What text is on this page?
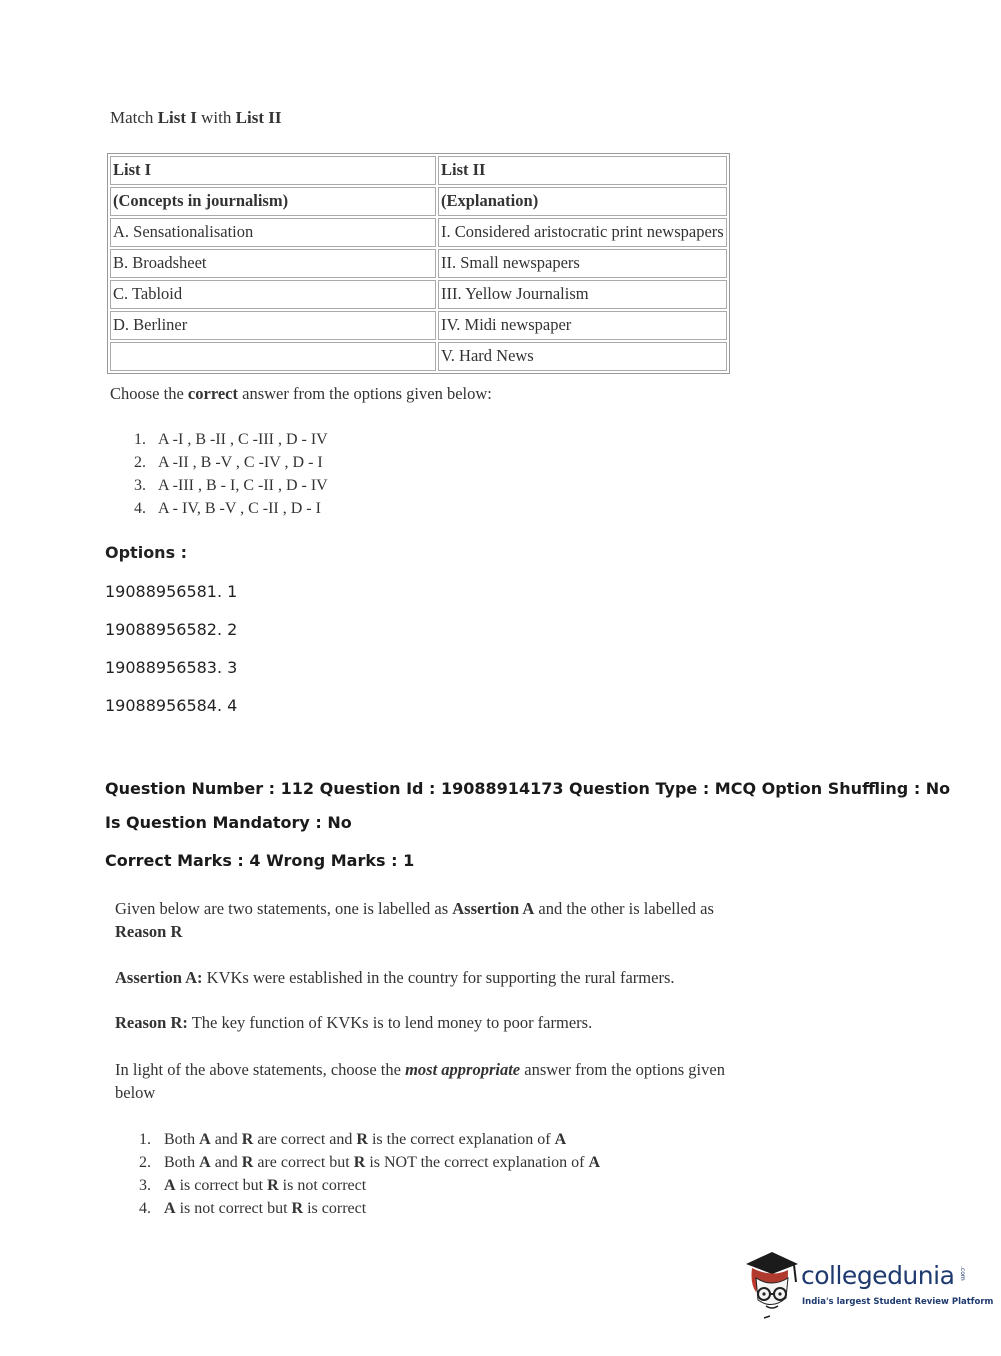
Match List I with List II
List I	List II
(Concepts in journalism)	(Explanation)
A. Sensationalisation	I. Considered aristocratic print newspapers
B. Broadsheet	II. Small newspapers
C. Tabloid	III. Yellow Journalism
D. Berliner	IV. Midi newspaper
	V. Hard News
Choose the correct answer from the options given below:
1. A -I , B -II , C -III , D - IV
2. A -II , B -V , C -IV , D - I
3. A -III , B - I, C -II , D - IV
4. A - IV, B -V , C -II , D - I
Options :
19088956581. 1
19088956582. 2
19088956583. 3
19088956584. 4
Question Number : 112 Question Id : 19088914173 Question Type : MCQ Option Shuffling : No
Is Question Mandatory : No
Correct Marks : 4 Wrong Marks : 1
Given below are two statements, one is labelled as Assertion A and the other is labelled as
Reason R
Assertion A: KVKs were established in the country for supporting the rural farmers.
Reason R: The key function of KVKs is to lend money to poor farmers.
In light of the above statements, choose the most appropriate answer from the options given
below
1. Both A and R are correct and R is the correct explanation of A
2. Both A and R are correct but R is NOT the correct explanation of A
3. A is correct but R is not correct
4. A is not correct but R is correct
collegedunia .com
India's largest Student Review Platform
